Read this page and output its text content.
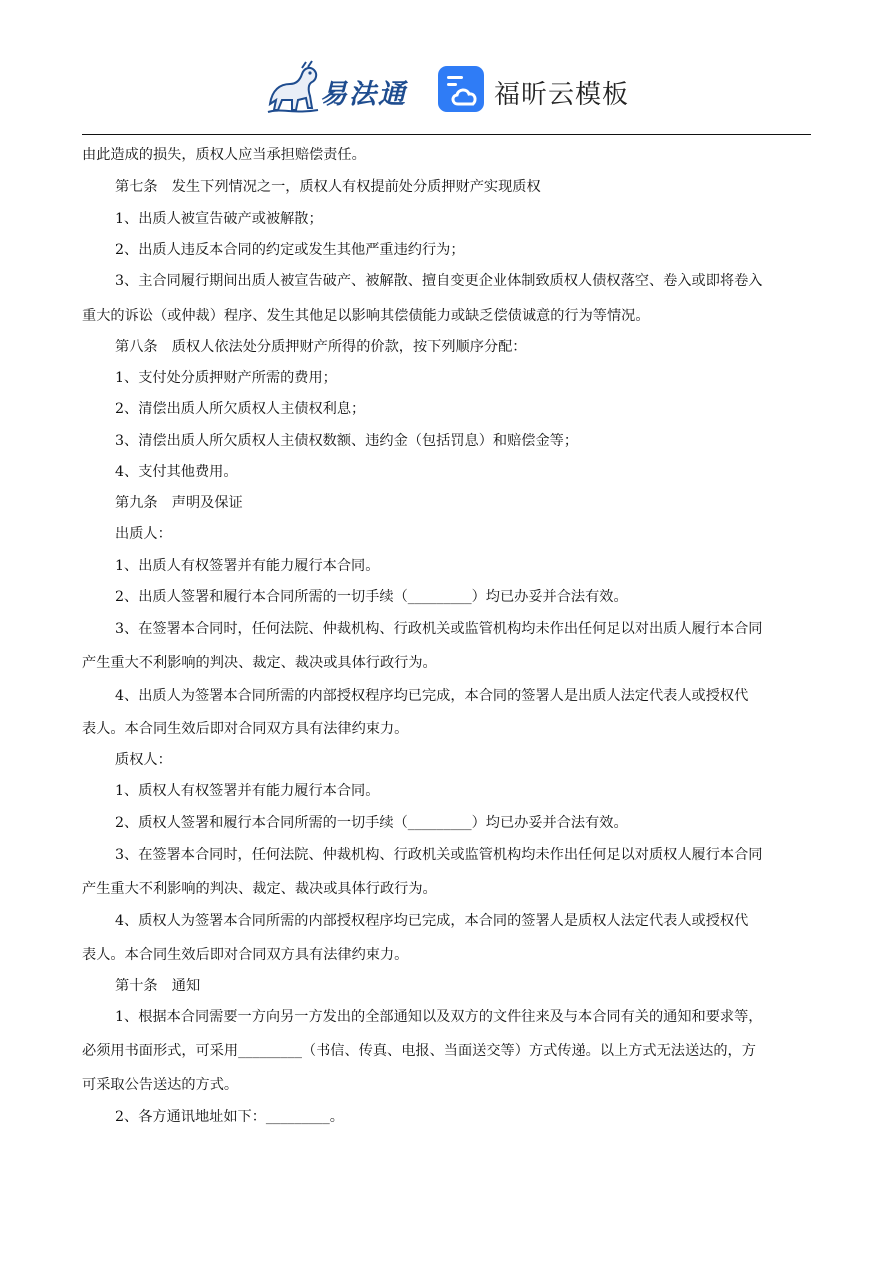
易法通	福昕云模板
由此造成的损失，质权人应当承担赔偿责任。
第七条　发生下列情况之一，质权人有权提前处分质押财产实现质权
1、出质人被宣告破产或被解散；
2、出质人违反本合同的约定或发生其他严重违约行为；
3、主合同履行期间出质人被宣告破产、被解散、擅自变更企业体制致质权人债权落空、卷入或即将卷入
重大的诉讼（或仲裁）程序、发生其他足以影响其偿债能力或缺乏偿债诚意的行为等情况。
第八条　质权人依法处分质押财产所得的价款，按下列顺序分配：
1、支付处分质押财产所需的费用；
2、清偿出质人所欠质权人主债权利息；
3、清偿出质人所欠质权人主债权数额、违约金（包括罚息）和赔偿金等；
4、支付其他费用。
第九条　声明及保证
出质人：
1、出质人有权签署并有能力履行本合同。
2、出质人签署和履行本合同所需的一切手续（_________）均已办妥并合法有效。
3、在签署本合同时，任何法院、仲裁机构、行政机关或监管机构均未作出任何足以对出质人履行本合同
产生重大不利影响的判决、裁定、裁决或具体行政行为。
4、出质人为签署本合同所需的内部授权程序均已完成，本合同的签署人是出质人法定代表人或授权代
表人。本合同生效后即对合同双方具有法律约束力。
质权人：
1、质权人有权签署并有能力履行本合同。
2、质权人签署和履行本合同所需的一切手续（_________）均已办妥并合法有效。
3、在签署本合同时，任何法院、仲裁机构、行政机关或监管机构均未作出任何足以对质权人履行本合同
产生重大不利影响的判决、裁定、裁决或具体行政行为。
4、质权人为签署本合同所需的内部授权程序均已完成，本合同的签署人是质权人法定代表人或授权代
表人。本合同生效后即对合同双方具有法律约束力。
第十条　通知
1、根据本合同需要一方向另一方发出的全部通知以及双方的文件往来及与本合同有关的通知和要求等，
必须用书面形式，可采用_________（书信、传真、电报、当面送交等）方式传递。以上方式无法送达的，方
可采取公告送达的方式。
2、各方通讯地址如下：_________。
